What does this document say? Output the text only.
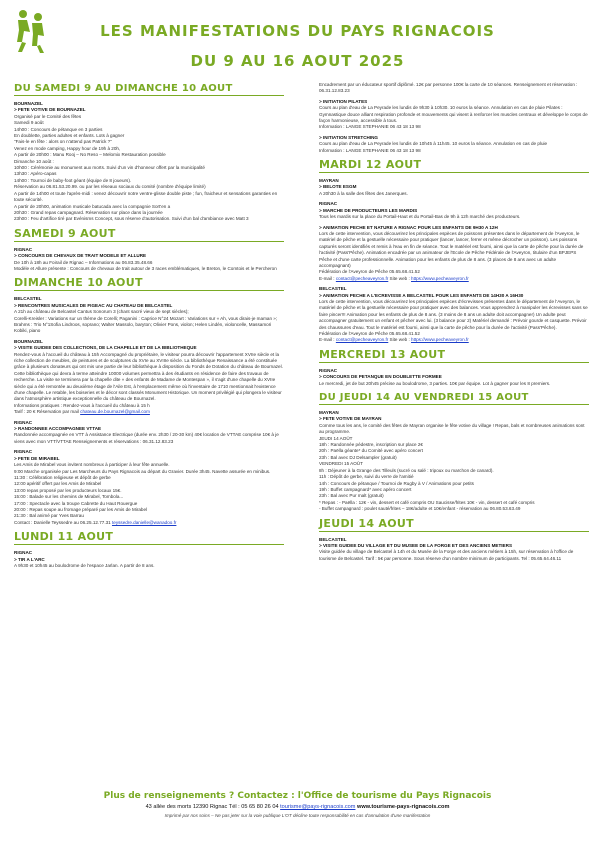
LES MANIFESTATIONS DU PAYS RIGNACOIS
DU 9 AU 16 AOUT 2025
DU SAMEDI 9 AU DIMANCHE 10 AOUT
BOURNAZEL
> FETE VOTIVE DE BOURNAZEL
Organisé par le Comité des fêtes
Samedi 9 août
14h00 : Concours de pétanque en 3 parties
En doublette, parties adultes et enfants. Lots à gagner
"Fais-le en fête : alors on n'attend pas Patrick ?"
Venez en mode camping, Happy hour de 19h à 20h,
A partir de 20h00 : Manu Rooj – No Reso – Melomix Restauration possible
Dimanche 10 août :
10h00 : Cérémonie au monument aux morts. Suivi d'un vin d'honneur offert par la municipalité
13h30 : Apéro-capas
14h00 : Tournoi de baby-foot géant (équipe de 8 joueurs).
Réservation au 06.81.53.20.99. ou par les réseaux sociaux du comité (nombre d'équipe limité)
A partir de 14h00 et toute l'après-midi : venez découvrir notre ventre-glisse double piste ; fun, fraicheur et sensations garanties en toute sécurité.
A partir de 20h00, animation musicale batucada avec la compagnie Sort'en a
20h30 : Grand repas campagnard. Réservation sur place dans la journée
23h00 : Feu d'artifice tiré par Evénisms Concept, sous réserve d'autorisation. Suivi d'un bal d'ambiance avec Matt 3
SAMEDI 9 AOUT
RIGNAC
> CONCOURS DE CHEVAUX DE TRAIT MODELE ET ALLURE
De 10h à 18h au Foirail de Rignac – Informations au 06.83.35.48.66
Modèle et Allure présente : Concours de chevaux de trait autour de 3 races emblématiques, le Breton, le Comtois et le Percheron
DIMANCHE 10 AOUT
BELCASTEL
> RENCONTRES MUSICALES DE FIGEAC AU CHATEAU DE BELCASTEL
A 21h au château de Belcastel Cantus Sonorum 3 (chant sacré vieux de sept siècles);
Corelli-Kreisler : Variations sur un thème de Corelli; Paganini : Caprice N°24 Mozart : Variations sur « Ah, vous dirais-je maman »;
Brahms : Trio N°1Sofia Lindroos, soprano; Walter Massolo, baryton; Olivier Pons, violon; Helen Lindén, violoncelle, Massamori Kobiki, piano
BOURNAZEL
> VISITE GUIDEE DES COLLECTIONS, DE LA CHAPELLE ET DE LA BIBLIOTHEQUE
Rendez-vous à l'accueil du château à 15h Accompagné du propriétaire, le visiteur pourra découvrir l'appartement XVIIe siècle et la riche collection de meubles, de peintures et de sculptures du XVIe au XVIIIe siècle. La bibliothèque Renaissance a été constituée grâce à plusieurs donateurs qui ont mis une partie de leur bibliothèque à disposition du Fonds de Dotation du château de Bournazel. Cette bibliothèque qui devra à terme atteindre 10000 volumes permettra à des étudiants en résidence de faire des travaux de recherche. La visite se terminera par la chapelle dite « des enfants de Madame de Montespan », il s'agit d'une chapelle du XVIIe siècle qui a été remontée au deuxième étage de l'Aile Est, à l'emplacement même où l'inventaire de 1710 mentionnait l'existence d'une chapelle. Le retable, les boiseries et le décor sont classés Monument Historique. Un moment privilégié qui plongera le visiteur dans l'atmosphère artistique exceptionnelle du château de Bournazel.
Informations pratiques : Rendez-vous à l'accueil du château à 15 h
Tarif : 20 € Réservation par mail chateau.de.bournazel@gmail.com
RIGNAC
> RANDONNEE ACCOMPAGNEE VTTAE
Randonnée accompagnée en VTT à Assistance Electrique (durée env. 2h30 / 20-30 km) 40€ location de VTTAE comprise 10€ à je viens avec mon VTT/VTTAE Renseignements et réservations : 06.31.12.83.23
RIGNAC
> FETE DE MIRABEL
Les Amis de Mirabel vous invitent nombreux à participer à leur fête annuelle.
9:00 Marche organisée par Les Marcheurs du Pays Rignacois au départ du Gravier. Durée 3h45. Navette assurée en minibus.
11:30 : Célébration religieuse et dépôt de gerbe
12:00 apéritif offert par les Amis de Mirabel
13:00 repas proposé par les producteurs locaux 15€.
15:00 : Balade sur les chemins de Mirabel, Tombola...
17:00 : Spectacle avec la troupe Cabrette du Haut Rouergue
20:00 : Repas soupe au fromage préparé par les Amis de Mirabel
21:30 : Bal animé par Yves Barrau
Contact : Danielle Teyssedre au 06.25.12.77.31 teyssedre.danielle@wanadoo.fr
LUNDI 11 AOUT
RIGNAC
> TIR A L'ARC
A 9h30 et 10h45 au boulodrome de l'espace Jarlan. A partir de 8 ans.
Encadrement par un éducateur sportif diplômé. 12€ par personne 100€ la carte de 10 séances. Renseignement et réservation : 06.31.12.83.23
> INITIATION PILATES
Cours au plan d'eau de La Peyrade les lundis de 9h30 à 10h30. 10 euros la séance. Annulation en cas de pluie Pilates : Gymnastique douce alliant respiration profonde et mouvements qui visent à renforcer les muscles centraux et développe le corps de façon harmonieuse, accessible à tous.
Information : LANGE STEPHANIE 06 43 18 13 98
> INITIATION STRETCHING
Cours au plan d'eau de La Peyrade les lundis de 10h45 à 11h45. 10 euros la séance. Annulation en cas de pluie
Information : LANGE STEPHANIE 06 43 18 13 98
MARDI 12 AOUT
MAYRAN
> BELOTE ESGM
A 20h30 à la salle des fêtes des Janerques.
RIGNAC
> MARCHE DE PRODUCTEURS LES MARDIS
Tous les mardis sur la place du Portail-Haut et du Portail-Bas de 9h à 12h marché des producteurs.
> ANIMATION PECHE ET NATURE A RIGNAC POUR LES ENFANTS DE 9H30 A 12H
Lors de cette intervention, vous découvrirez les principales espèces de poissons présentes dans le département de l'Aveyron, le matériel de pêche et la gestuelle nécessaire pour pratiquer (lancer, lancer, ferrer et même décrocher un poisson). Les poissons capturés seront identifiés et remis à l'eau en fin de séance. Tout le matériel est fourni, ainsi que la carte de pêche pour la durée de l'activité (Pass'Pêche). Animation encadrée par un animateur de l'Ecole de Pêche Fédérale de l'Aveyron, titulaire d'un BPJEPS Pêche et d'une carte professionnelle. Animation pour les enfants de plus de 8 ans. (3 places de 8 ans avec un adulte accompagnant)
Fédération de l'Aveyron de Pêche 05.65.68.41.52
E-mail : contact@pecheaveyron.fr Site web : https://www.pecheaveyron.fr
BELCASTEL
> ANIMATION PECHE A L'ECREVISSE A BELCASTEL POUR LES ENFANTS DE 14H30 A 16H30
Lors de cette intervention, vous découvrirez les principales espèces d'écrevisses présentes dans le département de l'Aveyron, le matériel de pêche et la gestuelle nécessaire pour pratiquer avec des balances. Vous apprendrez à manipuler les écrevisses sans se faire pincer!!! Animation pour les enfants de plus de 8 ans. (3 moins de 8 ans un adulte doit accompagner) Un adulte peut accompagner gratuitement un enfant et pêcher avec lui. (3 balance pour 2) Matériel demandé : Prévoir gourde et casquette. Prévoir des chaussures d'eau. Tout le matériel est fourni, ainsi que la carte de pêche pour la durée de l'activité (Pass'Pêche).
Fédération de l'Aveyron de Pêche 05.65.68.41.52
E-mail : contact@pecheaveyron.fr Site web : https://www.pecheaveyron.fr
MERCREDI 13 AOUT
RIGNAC
> CONCOURS DE PETANQUE EN DOUBLETTE FORMEE
Le mercredi, jet de but 20h45 précise au boulodrome, 3 parties. 10€ par équipe. Lot à gagner pour les 8 premiers.
DU JEUDI 14 AU VENDREDI 15 AOUT
MAYRAN
> FETE VOTIVE DE MAYRAN
Comme tous les ans, le comité des fêtes de Mayran organise le fête votive du village ! Repas, bals et nombreuses animations sont au programme.
JEUDI 14 AOÛT
18h : Randonnée pédestre, inscription sur place 2€
20h : Paëlla géante* du Comité avec apéro concert
23h : Bal avec DJ Delsampler (gratuit)
VENDREDI 15 AOÛT
8h : Déjeuner à la Grange des Tilleuls (sucré ou salé : tripoux ou marchon de canard).
11h : Dépôt de gerbe, suivi du verre de l'amitié
14h : Concours de pétanque / Tournoi de Rugby à V / Animations pour petits
19h : Buffet campagnard* avec apéro concert
23h : Bal avec Pur malt (gratuit)
* Repas : - Paëlla : 12€ - vin, dessert et café compris OU Saucisse/frites 10€ - vin, dessert et café compris
- Buffet campagnard : poulet sauté/frites – 18€/adulte et 10€/enfant - réservation au 06.80.53.63.49
JEUDI 14 AOUT
BELCASTEL
> VISITE GUIDEE DU VILLAGE ET DU MUSEE DE LA FORGE ET DES ANCIENS METIERS
Visite guidée du village de Belcastel à 14h et du Musée de la Forge et des anciens métiers à 15h, sur réservation à l'office de tourisme de Belcastel. Tarif : 5€ par personne. Sous réserve d'un nombre minimum de participants. Tel : 05.65.64.46.11
Plus de renseignements ? Contactez : l'Office de tourisme du Pays Rignacois
43 allée des morts 12390 Rignac Tél : 05 65 80 26 04 tourisme@pays-rignacois.com www.tourisme-pays-rignacois.com
Imprimé par nos soins – Ne pas jeter sur la voie publique L'OT décline toute responsabilité en cas d'annulation d'une manifestation
